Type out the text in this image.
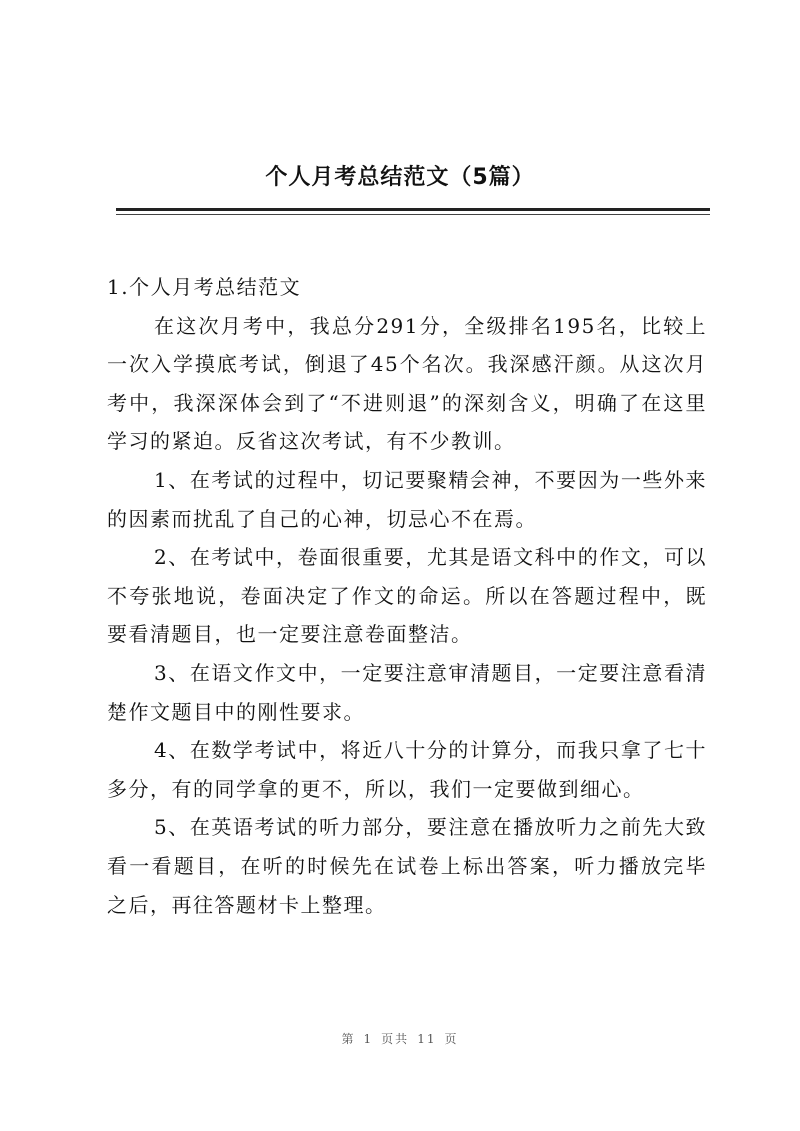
个人月考总结范文（5篇）

1.个人月考总结范文

在这次月考中，我总分291分，全级排名195名，比较上一次入学摸底考试，倒退了45个名次。我深感汗颜。从这次月考中，我深深体会到了“不进则退”的深刻含义，明确了在这里学习的紧迫。反省这次考试，有不少教训。

1、在考试的过程中，切记要聚精会神，不要因为一些外来的因素而扰乱了自己的心神，切忌心不在焉。

2、在考试中，卷面很重要，尤其是语文科中的作文，可以不夸张地说，卷面决定了作文的命运。所以在答题过程中，既要看清题目，也一定要注意卷面整洁。

3、在语文作文中，一定要注意审清题目，一定要注意看清楚作文题目中的刚性要求。

4、在数学考试中，将近八十分的计算分，而我只拿了七十多分，有的同学拿的更不，所以，我们一定要做到细心。

5、在英语考试的听力部分，要注意在播放听力之前先大致看一看题目，在听的时候先在试卷上标出答案，听力播放完毕之后，再往答题材卡上整理。

第 1 页共 11 页
